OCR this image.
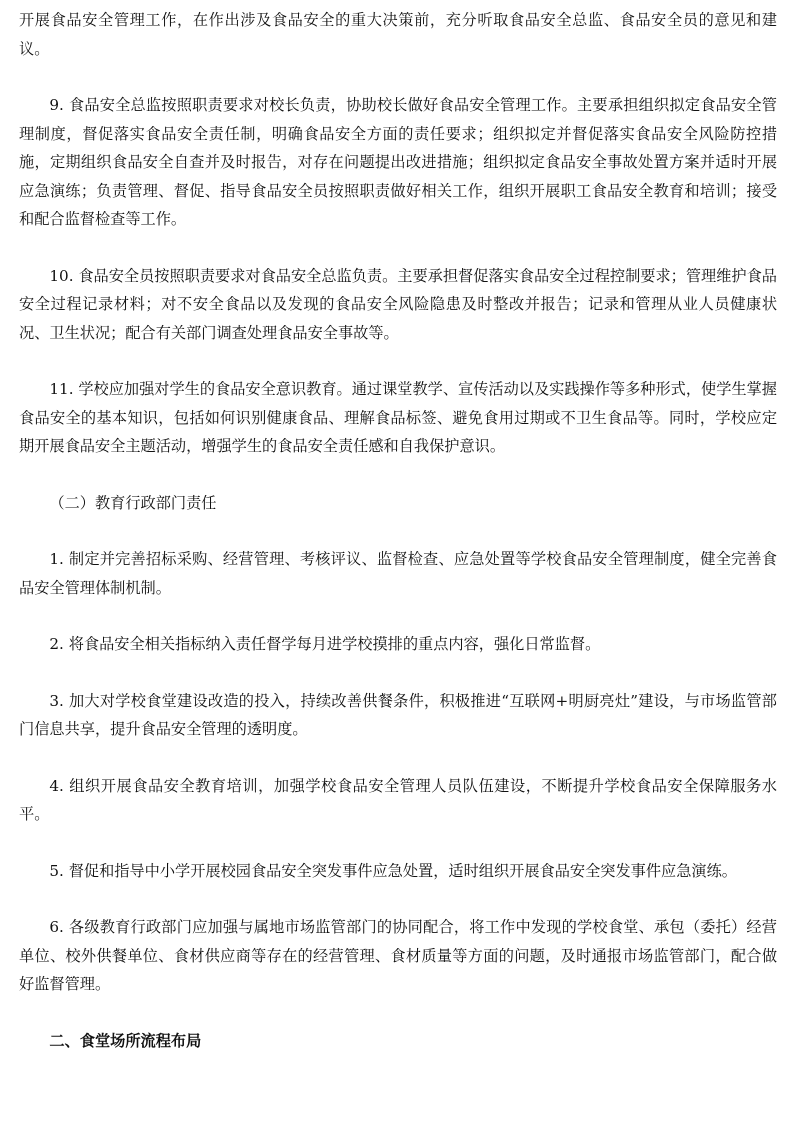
开展食品安全管理工作，在作出涉及食品安全的重大决策前，充分听取食品安全总监、食品安全员的意见和建议。

9. 食品安全总监按照职责要求对校长负责，协助校长做好食品安全管理工作。主要承担组织拟定食品安全管理制度，督促落实食品安全责任制，明确食品安全方面的责任要求；组织拟定并督促落实食品安全风险防控措施，定期组织食品安全自查并及时报告，对存在问题提出改进措施；组织拟定食品安全事故处置方案并适时开展应急演练；负责管理、督促、指导食品安全员按照职责做好相关工作，组织开展职工食品安全教育和培训；接受和配合监督检查等工作。

10. 食品安全员按照职责要求对食品安全总监负责。主要承担督促落实食品安全过程控制要求；管理维护食品安全过程记录材料；对不安全食品以及发现的食品安全风险隐患及时整改并报告；记录和管理从业人员健康状况、卫生状况；配合有关部门调查处理食品安全事故等。

11. 学校应加强对学生的食品安全意识教育。通过课堂教学、宣传活动以及实践操作等多种形式，使学生掌握食品安全的基本知识，包括如何识别健康食品、理解食品标签、避免食用过期或不卫生食品等。同时，学校应定期开展食品安全主题活动，增强学生的食品安全责任感和自我保护意识。

（二）教育行政部门责任

1. 制定并完善招标采购、经营管理、考核评议、监督检查、应急处置等学校食品安全管理制度，健全完善食品安全管理体制机制。

2. 将食品安全相关指标纳入责任督学每月进学校摸排的重点内容，强化日常监督。

3. 加大对学校食堂建设改造的投入，持续改善供餐条件，积极推进“互联网+明厨亮灶”建设，与市场监管部门信息共享，提升食品安全管理的透明度。

4. 组织开展食品安全教育培训，加强学校食品安全管理人员队伍建设，不断提升学校食品安全保障服务水平。

5. 督促和指导中小学开展校园食品安全突发事件应急处置，适时组织开展食品安全突发事件应急演练。

6. 各级教育行政部门应加强与属地市场监管部门的协同配合，将工作中发现的学校食堂、承包（委托）经营单位、校外供餐单位、食材供应商等存在的经营管理、食材质量等方面的问题，及时通报市场监管部门，配合做好监督管理。

二、食堂场所流程布局
